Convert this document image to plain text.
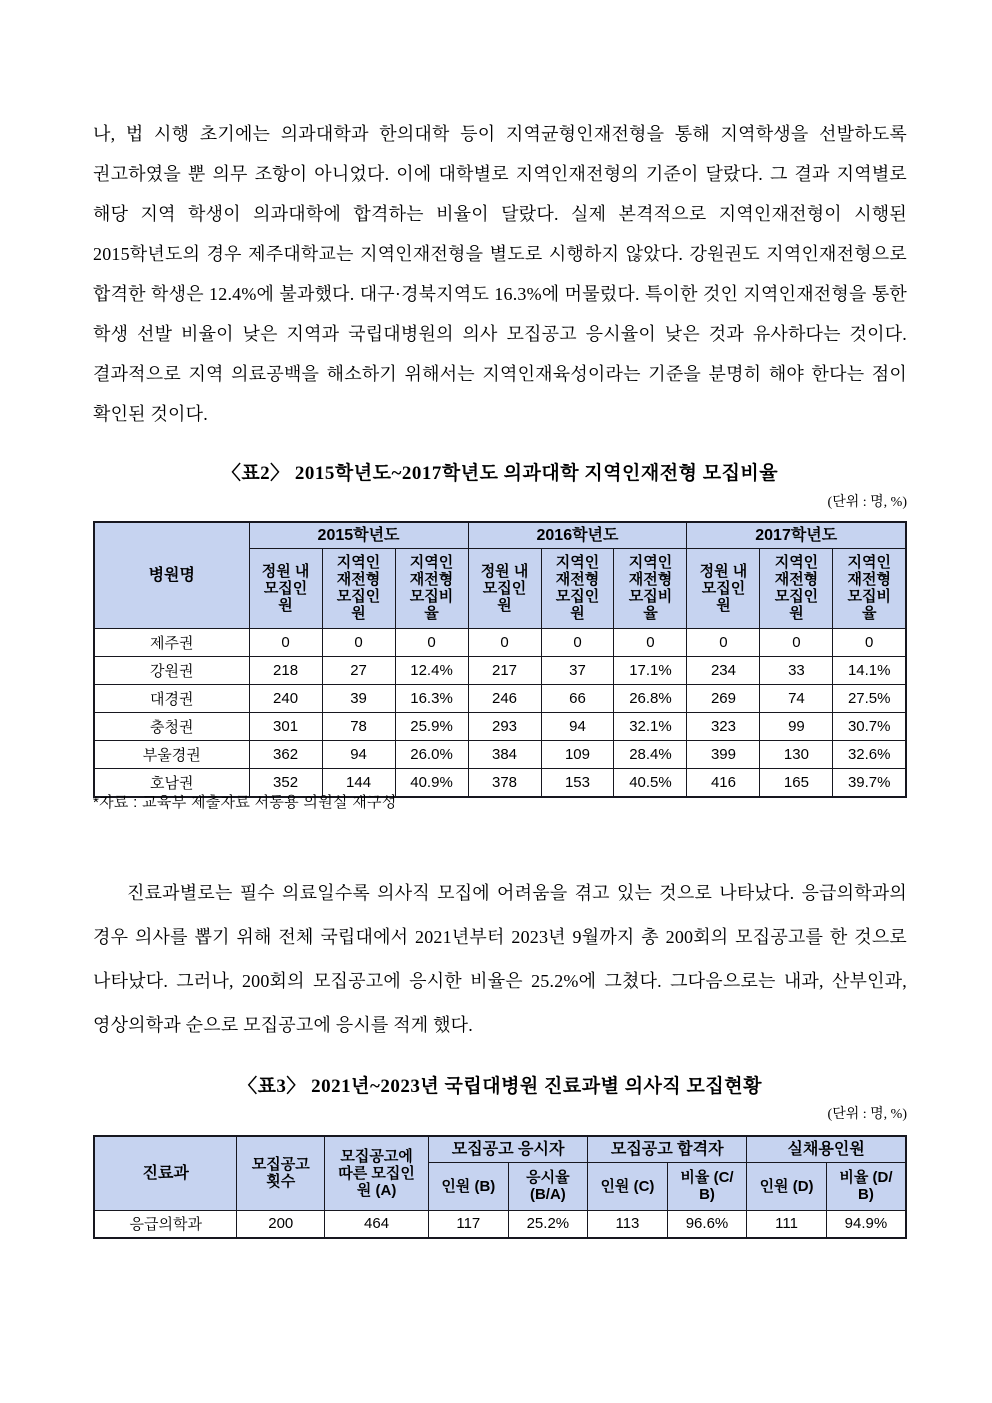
나, 법 시행 초기에는 의과대학과 한의대학 등이 지역균형인재전형을 통해 지역학생을 선발하도록 권고하였을 뿐 의무 조항이 아니었다. 이에 대학별로 지역인재전형의 기준이 달랐다. 그 결과 지역별로 해당 지역 학생이 의과대학에 합격하는 비율이 달랐다. 실제 본격적으로 지역인재전형이 시행된 2015학년도의 경우 제주대학교는 지역인재전형을 별도로 시행하지 않았다. 강원권도 지역인재전형으로 합격한 학생은 12.4%에 불과했다. 대구·경북지역도 16.3%에 머물렀다. 특이한 것인 지역인재전형을 통한 학생 선발 비율이 낮은 지역과 국립대병원의 의사 모집공고 응시율이 낮은 것과 유사하다는 것이다. 결과적으로 지역 의료공백을 해소하기 위해서는 지역인재육성이라는 기준을 분명히 해야 한다는 점이 확인된 것이다.

〈표2〉 2015학년도~2017학년도 의과대학 지역인재전형 모집비율
(단위 : 명, %)
병원명	2015학년도			2016학년도			2017학년도		
	정원 내 모집인원	지역인재전형 모집인원	지역인재전형 모집비율	정원 내 모집인원	지역인재전형 모집인원	지역인재전형 모집비율	정원 내 모집인원	지역인재전형 모집인원	지역인재전형 모집비율
제주권	0	0	0	0	0	0	0	0	0
강원권	218	27	12.4%	217	37	17.1%	234	33	14.1%
대경권	240	39	16.3%	246	66	26.8%	269	74	27.5%
충청권	301	78	25.9%	293	94	32.1%	323	99	30.7%
부울경권	362	94	26.0%	384	109	28.4%	399	130	32.6%
호남권	352	144	40.9%	378	153	40.5%	416	165	39.7%
*자료 : 교육부 제출자료 서동용 의원실 재구성

진료과별로는 필수 의료일수록 의사직 모집에 어려움을 겪고 있는 것으로 나타났다. 응급의학과의 경우 의사를 뽑기 위해 전체 국립대에서 2021년부터 2023년 9월까지 총 200회의 모집공고를 한 것으로 나타났다. 그러나, 200회의 모집공고에 응시한 비율은 25.2%에 그쳤다. 그다음으로는 내과, 산부인과, 영상의학과 순으로 모집공고에 응시를 적게 했다.

〈표3〉 2021년~2023년 국립대병원 진료과별 의사직 모집현황
(단위 : 명, %)
진료과	모집공고 횟수	모집공고에 따른 모집인원 (A)	모집공고 응시자		모집공고 합격자		실채용인원	
			인원 (B)	응시율 (B/A)	인원 (C)	비율 (C/B)	인원 (D)	비율 (D/B)
응급의학과	200	464	117	25.2%	113	96.6%	111	94.9%
